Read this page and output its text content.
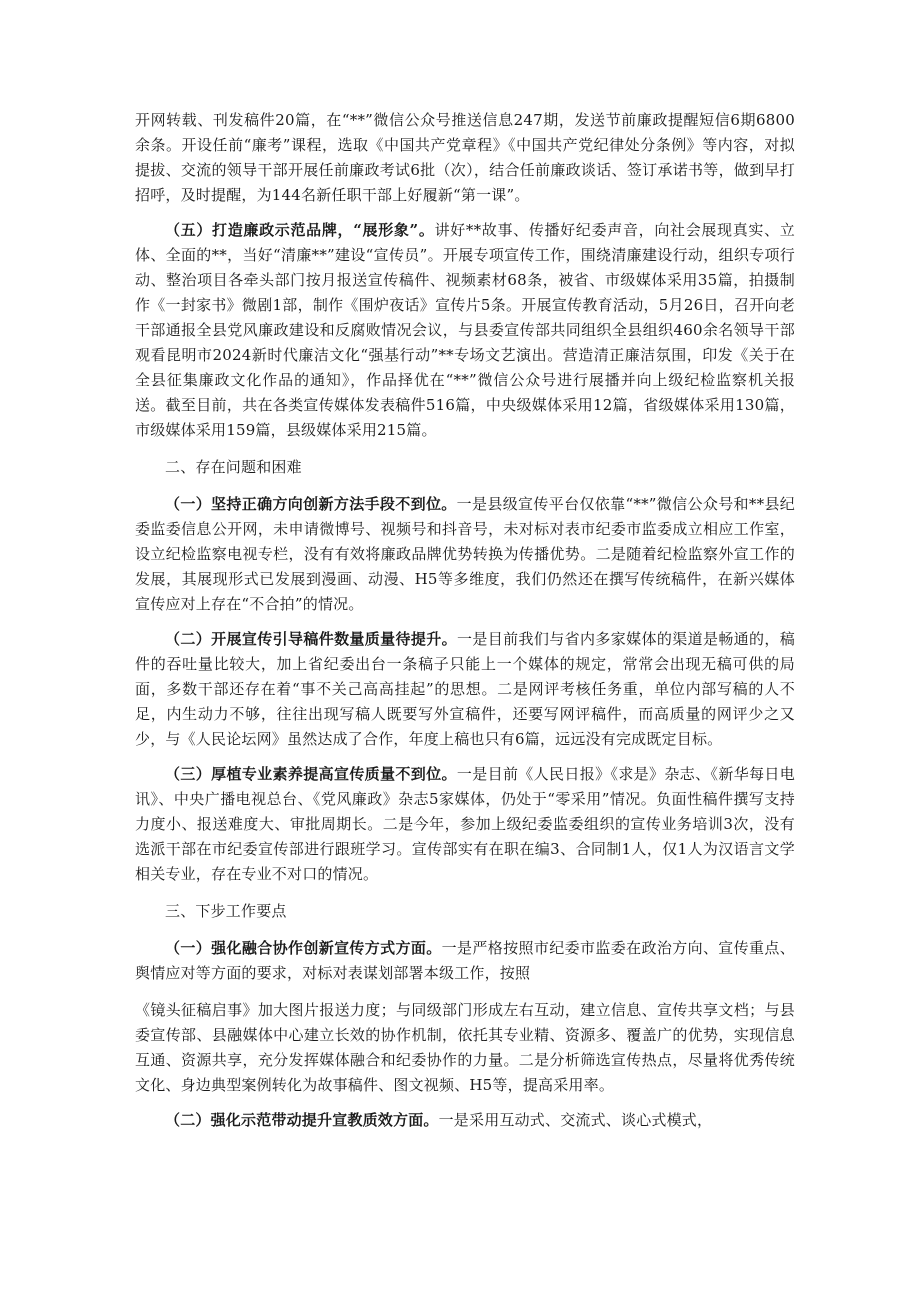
开网转载、刊发稿件20篇，在“**”微信公众号推送信息247期，发送节前廉政提醒短信6期6800余条。开设任前“廉考”课程，选取《中国共产党章程》《中国共产党纪律处分条例》等内容，对拟提拔、交流的领导干部开展任前廉政考试6批（次），结合任前廉政谈话、签订承诺书等，做到早打招呼，及时提醒，为144名新任职干部上好履新“第一课”。

（五）打造廉政示范品牌，“展形象”。讲好**故事、传播好纪委声音，向社会展现真实、立体、全面的**，当好“清廉**”建设“宣传员”。开展专项宣传工作，围绕清廉建设行动，组织专项行动、整治项目各牵头部门按月报送宣传稿件、视频素材68条，被省、市级媒体采用35篇，拍摄制作《一封家书》微剧1部，制作《围炉夜话》宣传片5条。开展宣传教育活动，5月26日，召开向老干部通报全县党风廉政建设和反腐败情况会议，与县委宣传部共同组织全县组织460余名领导干部观看昆明市2024新时代廉洁文化“强基行动”**专场文艺演出。营造清正廉洁氛围，印发《关于在全县征集廉政文化作品的通知》，作品择优在“**”微信公众号进行展播并向上级纪检监察机关报送。截至目前，共在各类宣传媒体发表稿件516篇，中央级媒体采用12篇，省级媒体采用130篇，市级媒体采用159篇，县级媒体采用215篇。

二、存在问题和困难

（一）坚持正确方向创新方法手段不到位。一是县级宣传平台仅依靠“**”微信公众号和**县纪委监委信息公开网，未申请微博号、视频号和抖音号，未对标对表市纪委市监委成立相应工作室，设立纪检监察电视专栏，没有有效将廉政品牌优势转换为传播优势。二是随着纪检监察外宣工作的发展，其展现形式已发展到漫画、动漫、H5等多维度，我们仍然还在撰写传统稿件，在新兴媒体宣传应对上存在“不合拍”的情况。

（二）开展宣传引导稿件数量质量待提升。一是目前我们与省内多家媒体的渠道是畅通的，稿件的吞吐量比较大，加上省纪委出台一条稿子只能上一个媒体的规定，常常会出现无稿可供的局面，多数干部还存在着“事不关己高高挂起”的思想。二是网评考核任务重，单位内部写稿的人不足，内生动力不够，往往出现写稿人既要写外宣稿件，还要写网评稿件，而高质量的网评少之又少，与《人民论坛网》虽然达成了合作，年度上稿也只有6篇，远远没有完成既定目标。

（三）厚植专业素养提高宣传质量不到位。一是目前《人民日报》《求是》杂志、《新华每日电讯》、中央广播电视总台、《党风廉政》杂志5家媒体，仍处于“零采用”情况。负面性稿件撰写支持力度小、报送难度大、审批周期长。二是今年，参加上级纪委监委组织的宣传业务培训3次，没有选派干部在市纪委宣传部进行跟班学习。宣传部实有在职在编3、合同制1人，仅1人为汉语言文学相关专业，存在专业不对口的情况。

三、下步工作要点

（一）强化融合协作创新宣传方式方面。一是严格按照市纪委市监委在政治方向、宣传重点、舆情应对等方面的要求，对标对表谋划部署本级工作，按照

《镜头征稿启事》加大图片报送力度；与同级部门形成左右互动，建立信息、宣传共享文档；与县委宣传部、县融媒体中心建立长效的协作机制，依托其专业精、资源多、覆盖广的优势，实现信息互通、资源共享，充分发挥媒体融合和纪委协作的力量。二是分析筛选宣传热点，尽量将优秀传统文化、身边典型案例转化为故事稿件、图文视频、H5等，提高采用率。

（二）强化示范带动提升宣教质效方面。一是采用互动式、交流式、谈心式模式，
